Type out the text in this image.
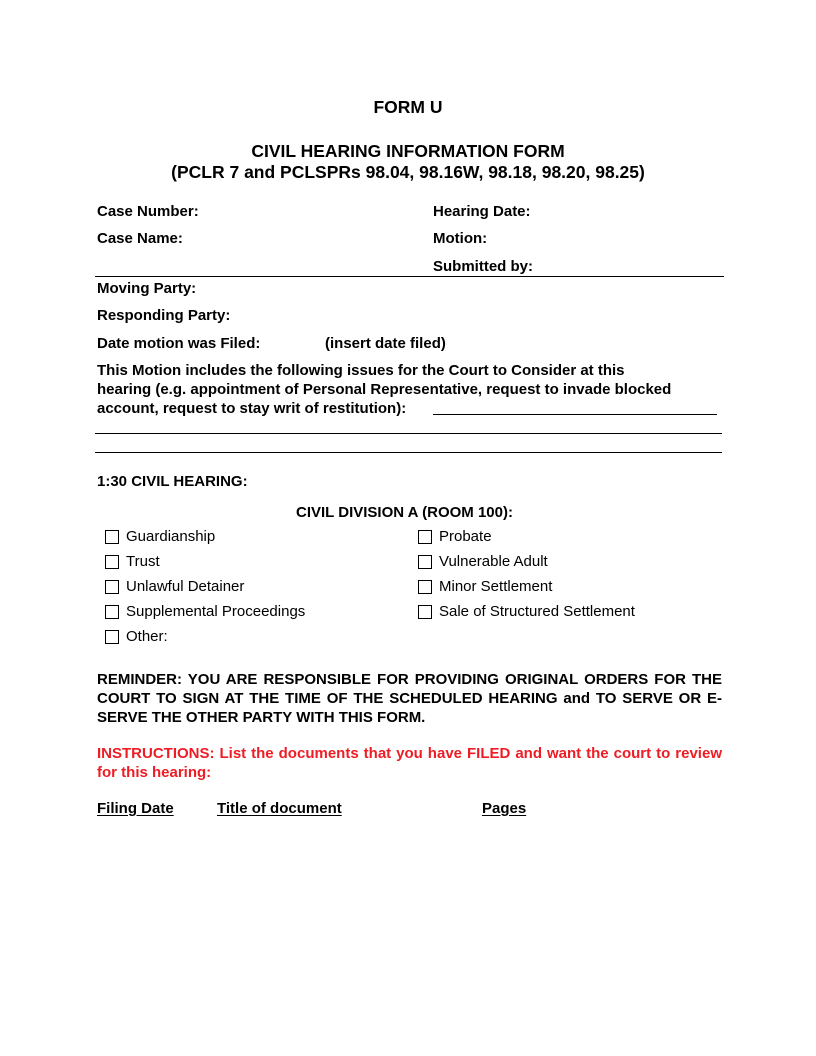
FORM U
CIVIL HEARING INFORMATION FORM
(PCLR 7 and PCLSPRs 98.04, 98.16W, 98.18, 98.20, 98.25)
Case Number:	Hearing Date:
Case Name:	Motion:
Submitted by:
Moving Party:
Responding Party:
Date motion was Filed:	(insert date filed)
This Motion includes the following issues for the Court to Consider at this
hearing (e.g. appointment of Personal Representative, request to invade blocked
account, request to stay writ of restitution):
1:30 CIVIL HEARING:
CIVIL DIVISION A (ROOM 100):
Guardianship
Trust
Unlawful Detainer
Supplemental Proceedings
Other:
Probate
Vulnerable Adult
Minor Settlement
Sale of Structured Settlement
REMINDER: YOU ARE RESPONSIBLE FOR PROVIDING ORIGINAL ORDERS FOR THE COURT TO SIGN AT THE TIME OF THE SCHEDULED HEARING and TO SERVE OR E-SERVE THE OTHER PARTY WITH THIS FORM.
INSTRUCTIONS: List the documents that you have FILED and want the court to review for this hearing:
Filing Date	Title of document	Pages
